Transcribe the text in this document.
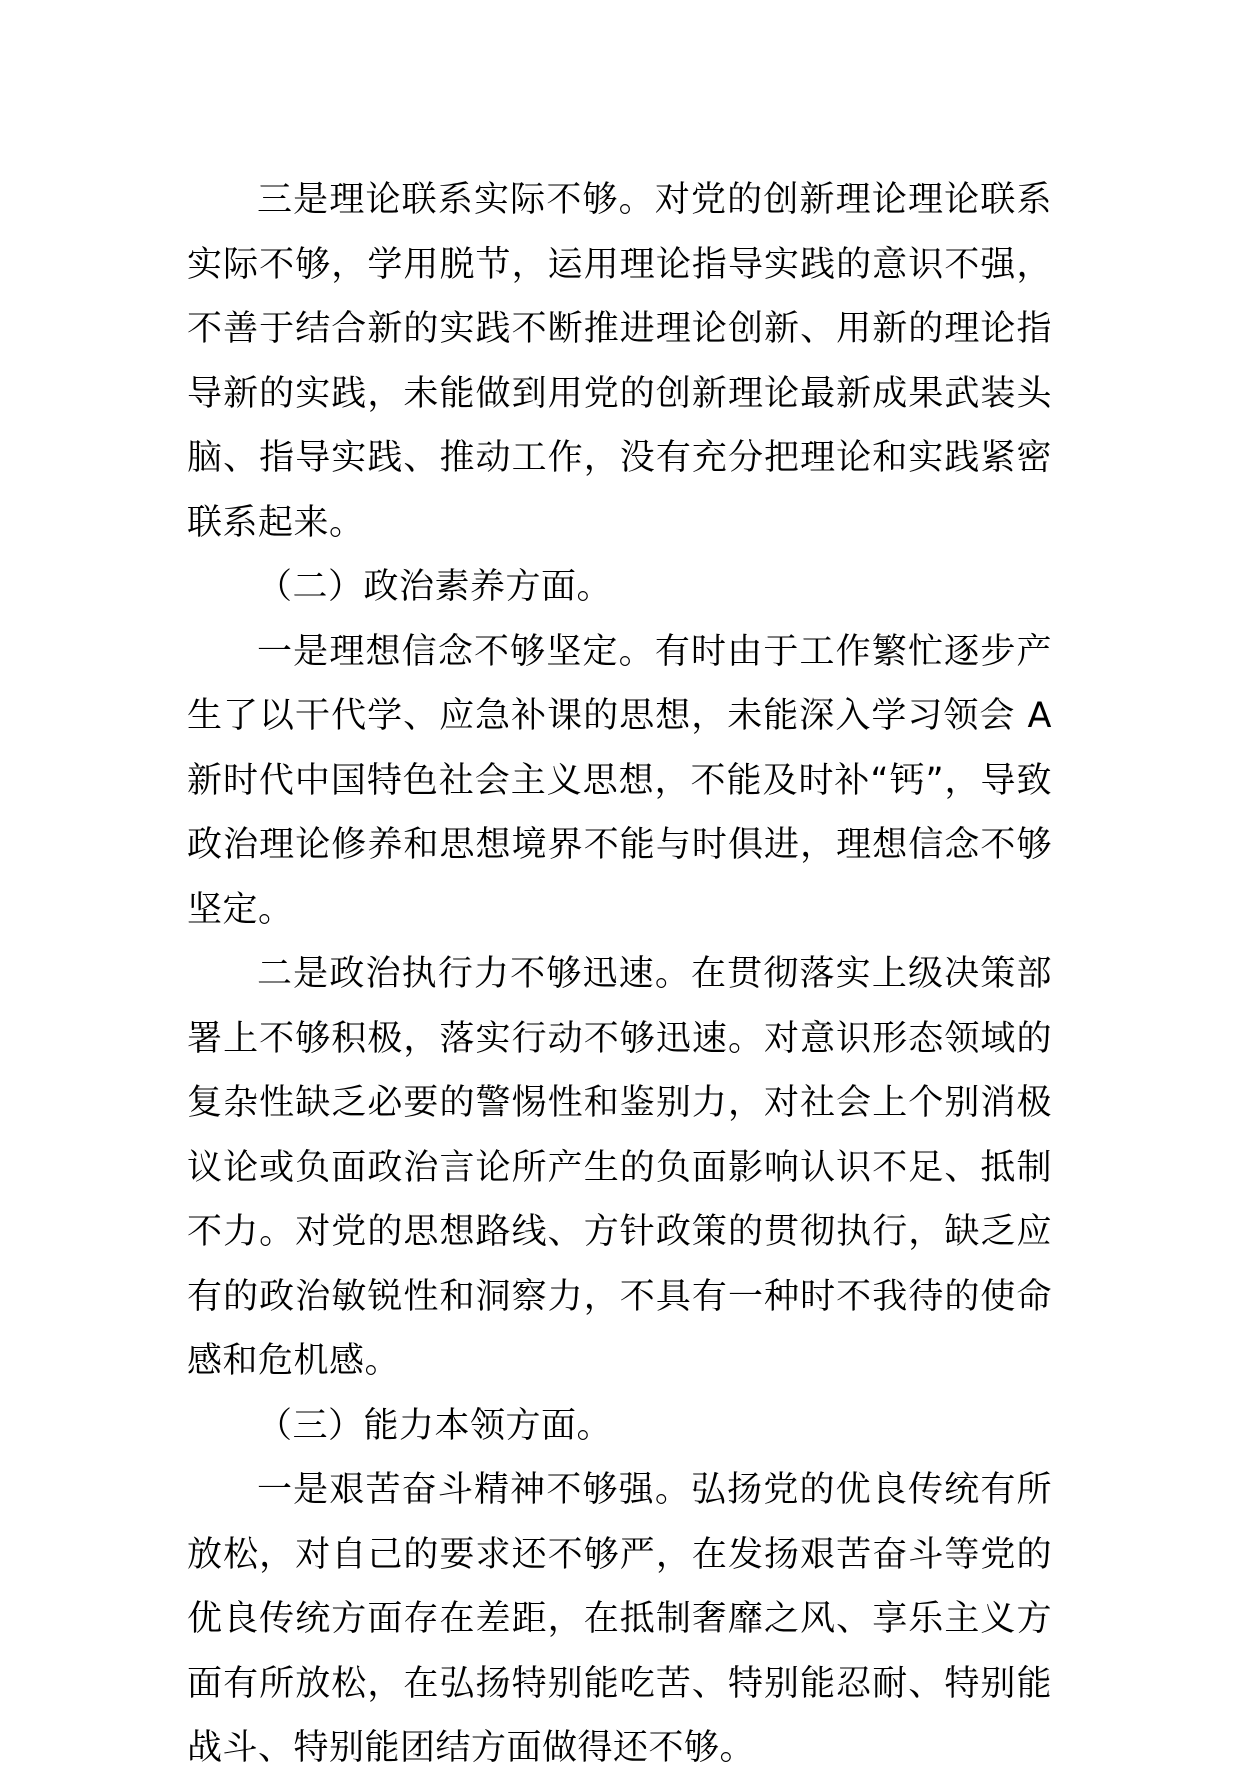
三是理论联系实际不够。对党的创新理论理论联系实际不够，学用脱节，运用理论指导实践的意识不强，不善于结合新的实践不断推进理论创新、用新的理论指导新的实践，未能做到用党的创新理论最新成果武装头脑、指导实践、推动工作，没有充分把理论和实践紧密联系起来。

（二）政治素养方面。

一是理想信念不够坚定。有时由于工作繁忙逐步产生了以干代学、应急补课的思想，未能深入学习领会 A 新时代中国特色社会主义思想，不能及时补“钙”，导致政治理论修养和思想境界不能与时俱进，理想信念不够坚定。

二是政治执行力不够迅速。在贯彻落实上级决策部署上不够积极，落实行动不够迅速。对意识形态领域的复杂性缺乏必要的警惕性和鉴别力，对社会上个别消极议论或负面政治言论所产生的负面影响认识不足、抵制不力。对党的思想路线、方针政策的贯彻执行，缺乏应有的政治敏锐性和洞察力，不具有一种时不我待的使命感和危机感。

（三）能力本领方面。

一是艰苦奋斗精神不够强。弘扬党的优良传统有所放松，对自己的要求还不够严，在发扬艰苦奋斗等党的优良传统方面存在差距，在抵制奢靡之风、享乐主义方面有所放松，在弘扬特别能吃苦、特别能忍耐、特别能战斗、特别能团结方面做得还不够。
